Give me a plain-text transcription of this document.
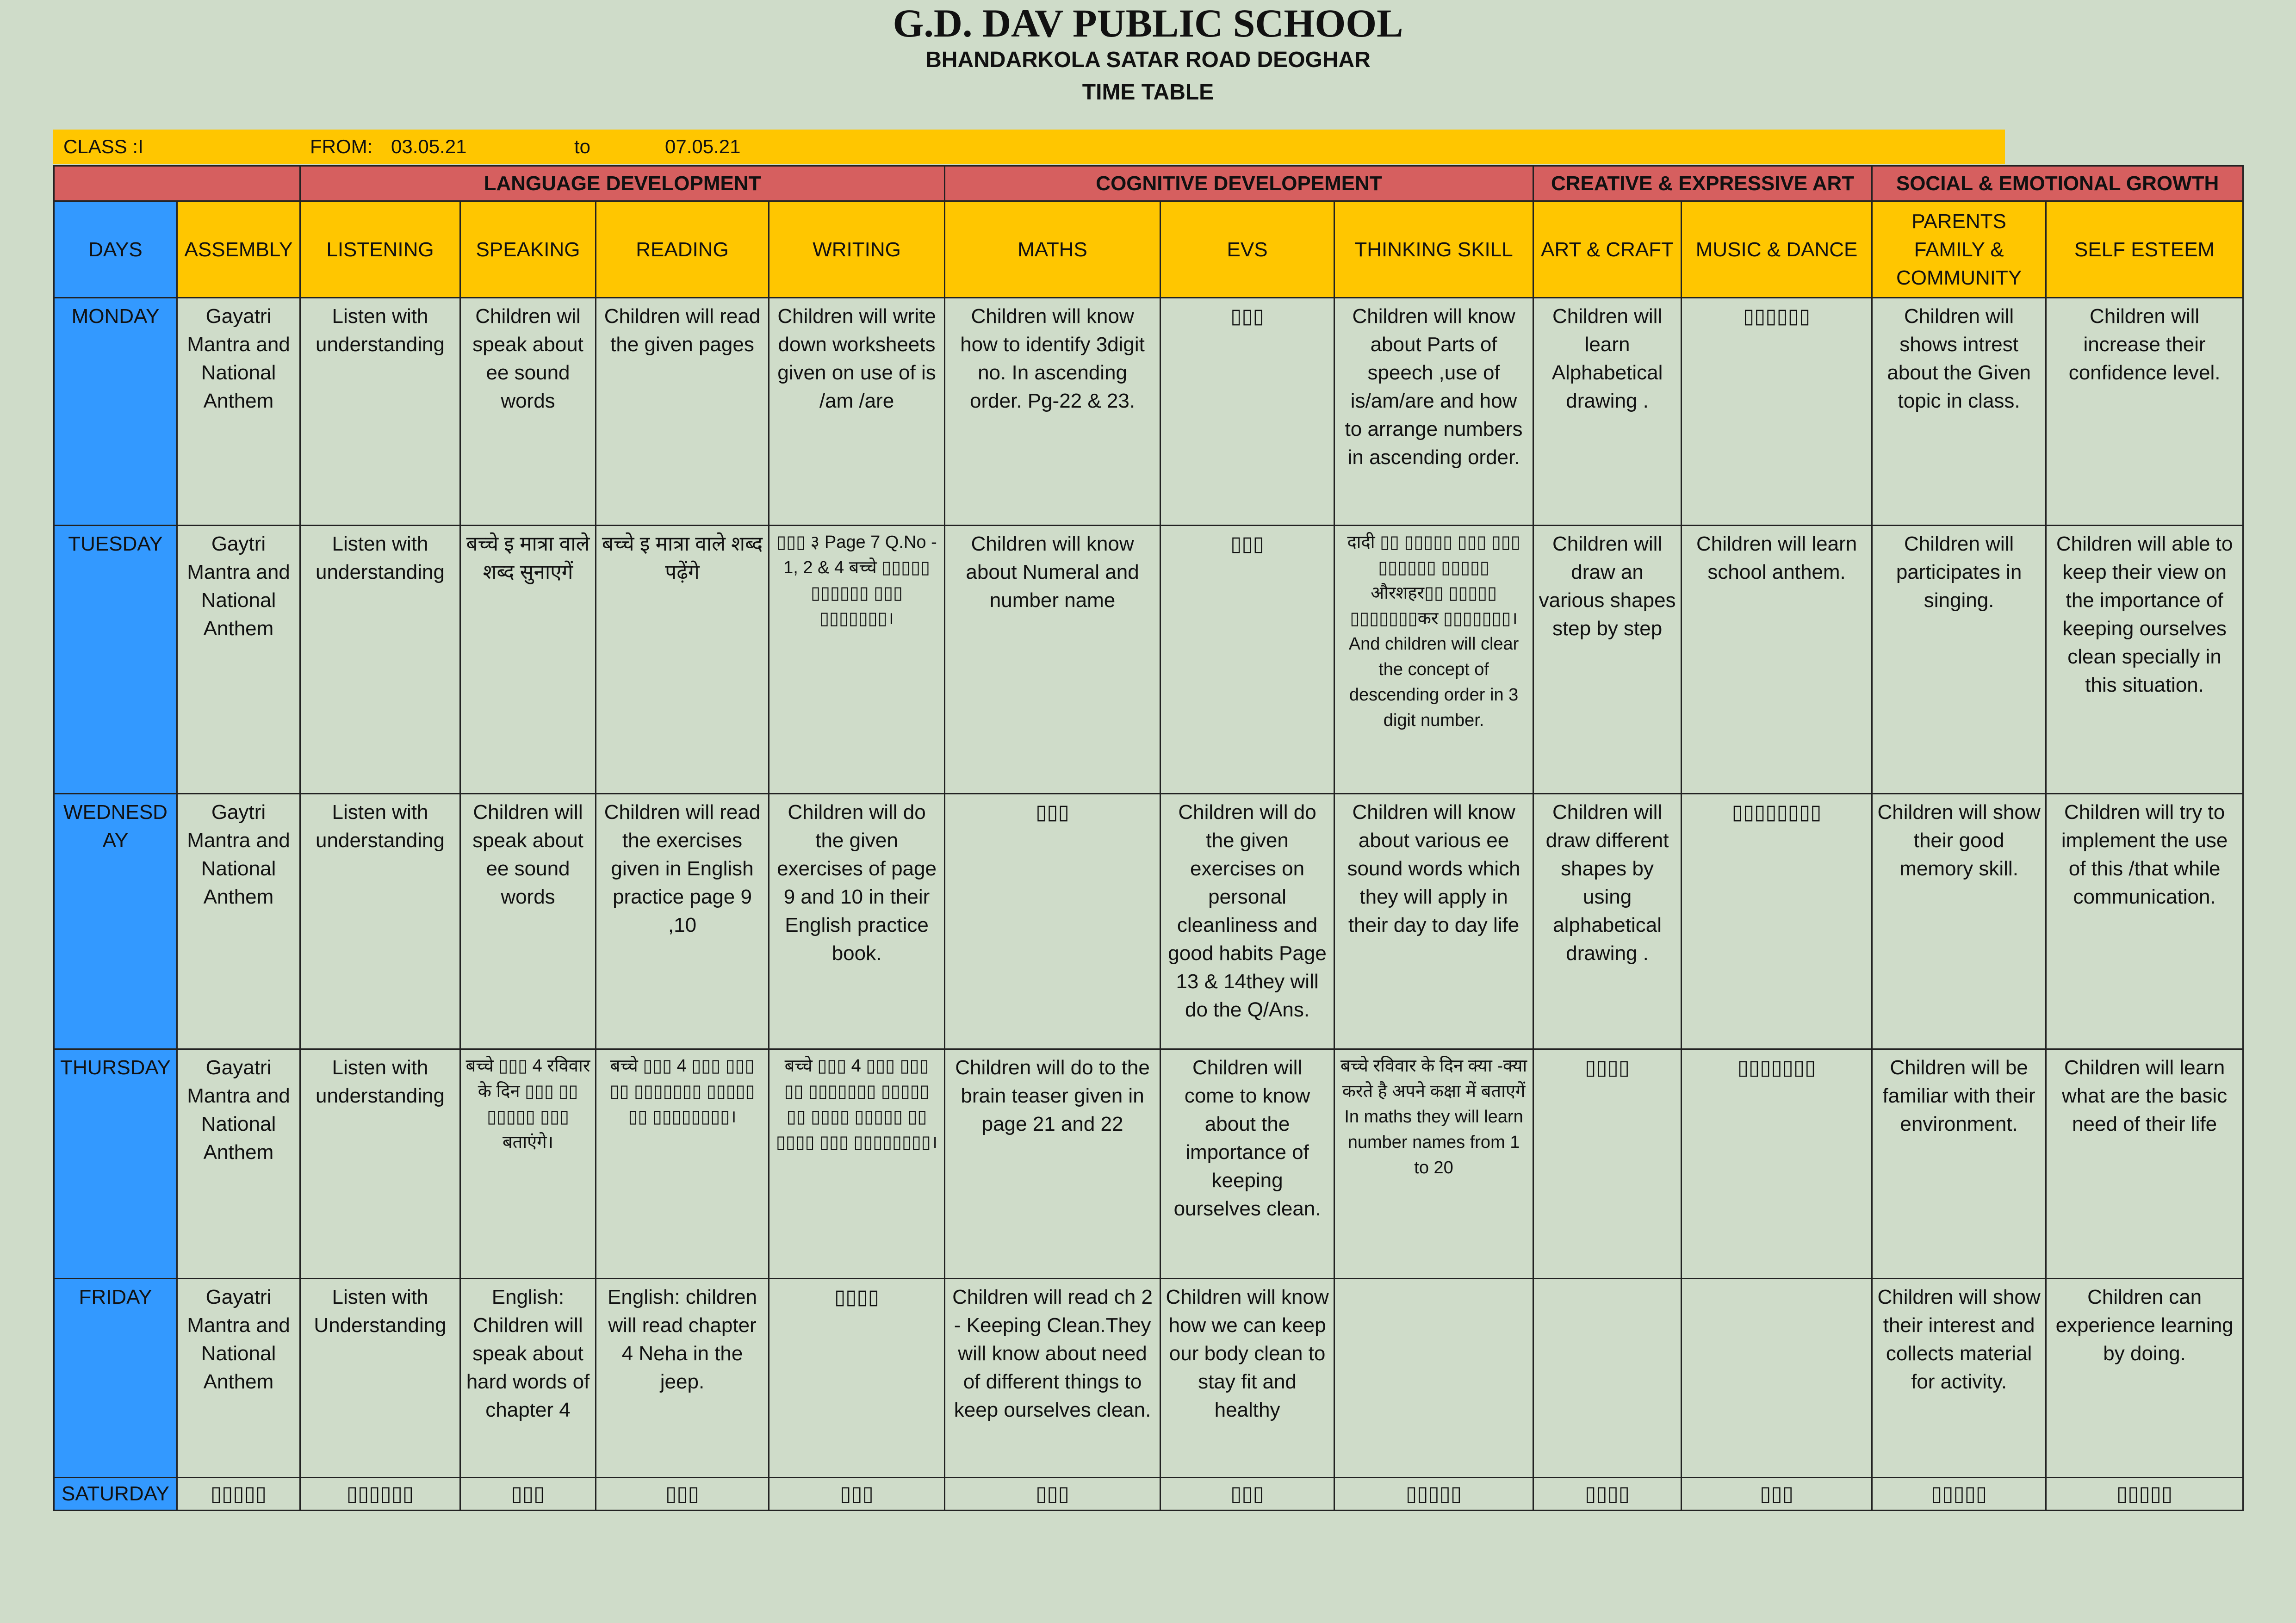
G.D. DAV PUBLIC SCHOOL
BHANDARKOLA SATAR ROAD DEOGHAR
TIME TABLE
CLASS :I	FROM: 03.05.21	to	07.05.21
		LANGUAGE DEVELOPMENT				COGNITIVE DEVELOPEMENT			CREATIVE & EXPRESSIVE ART		SOCIAL & EMOTIONAL GROWTH	
DAYS	ASSEMBLY	LISTENING	SPEAKING	READING	WRITING	MATHS	EVS	THINKING SKILL	ART & CRAFT	MUSIC & DANCE	PARENTS FAMILY & COMMUNITY	SELF ESTEEM
MONDAY	Gayatri Mantra and National Anthem	Listen with understanding	Children wil speak about ee sound words	Children will read the given pages	Children will write down worksheets given on use of is /am /are	Children will know how to identify 3digit no. In ascending order. Pg-22 & 23.	▯▯▯	Children will know about Parts of speech ,use of is/am/are and how to arrange numbers in ascending order.	Children will learn Alphabetical drawing .	▯▯▯▯▯▯	Children will shows intrest about the Given topic in class.	Children will increase their confidence level.
TUESDAY	Gaytri Mantra and National Anthem	Listen with understanding	बच्चे इ मात्रा वाले शब्द सुनाएगें	बच्चे इ मात्रा वाले शब्द पढ़ेंगे	▯▯▯ ३ Page 7 Q.No - 1, 2 & 4 बच्चे ▯▯▯▯▯ ▯▯▯▯▯▯ ▯▯▯ ▯▯▯▯▯▯▯।	Children will know about Numeral and number name	▯▯▯	दादी ▯▯ ▯▯▯▯▯ ▯▯▯ ▯▯▯ ▯▯▯▯▯▯ ▯▯▯▯▯ औरशहर▯▯ ▯▯▯▯▯ ▯▯▯▯▯▯▯कर ▯▯▯▯▯▯▯। And children will clear the concept of descending order in 3 digit number.	Children will draw an various shapes step by step	Children will learn school anthem.	Children will participates in singing.	Children will able to keep their view on the importance of keeping ourselves clean specially in this situation.
WEDNESDAY	Gaytri Mantra and National Anthem	Listen with understanding	Children will speak about ee sound words	Children will read the exercises given in English practice page 9 ,10	Children will do the given exercises of page 9 and 10 in their English practice book.	▯▯▯	Children will do the given exercises on personal cleanliness and good habits Page 13 & 14they will do the Q/Ans.	Children will know about various ee sound words which they will apply in their day to day life	Children will draw different shapes by using alphabetical drawing .	▯▯▯▯▯▯▯▯	Children will show their good memory skill.	Children will try to implement the use of this /that while communication.
THURSDAY	Gayatri Mantra and National Anthem	Listen with understanding	बच्चे ▯▯▯ 4 रविवार के दिन ▯▯▯ ▯▯ ▯▯▯▯▯ ▯▯▯ बताएंगे।	बच्चे ▯▯▯ 4 ▯▯▯ ▯▯▯ ▯▯ ▯▯▯▯▯▯▯ ▯▯▯▯▯ ▯▯ ▯▯▯▯▯▯▯▯।	बच्चे ▯▯▯ 4 ▯▯▯ ▯▯▯ ▯▯ ▯▯▯▯▯▯▯ ▯▯▯▯▯ ▯▯ ▯▯▯▯ ▯▯▯▯▯ ▯▯ ▯▯▯▯ ▯▯▯ ▯▯▯▯▯▯▯▯।	Children will do to the brain teaser given in page 21 and 22	Children will come to know about the importance of keeping ourselves clean.	बच्चे रविवार के दिन क्या -क्या करते है अपने कक्षा में बताएगें In maths they will learn number names from 1 to 20	▯▯▯▯	▯▯▯▯▯▯▯	Children will be familiar with their environment.	Children will learn what are the basic need of their life
FRIDAY	Gayatri Mantra and National Anthem	Listen with Understanding	English: Children will speak about hard words of chapter 4	English: children will read chapter 4 Neha in the jeep.	▯▯▯▯	Children will read ch 2 - Keeping Clean.They will know about need of different things to keep ourselves clean.	Children will know how we can keep our body clean to stay fit and healthy				Children will show their interest and collects material for activity.	Children can experience learning by doing.
SATURDAY	▯▯▯▯▯	▯▯▯▯▯▯	▯▯▯	▯▯▯	▯▯▯	▯▯▯	▯▯▯	▯▯▯▯▯	▯▯▯▯	▯▯▯	▯▯▯▯▯	▯▯▯▯▯
